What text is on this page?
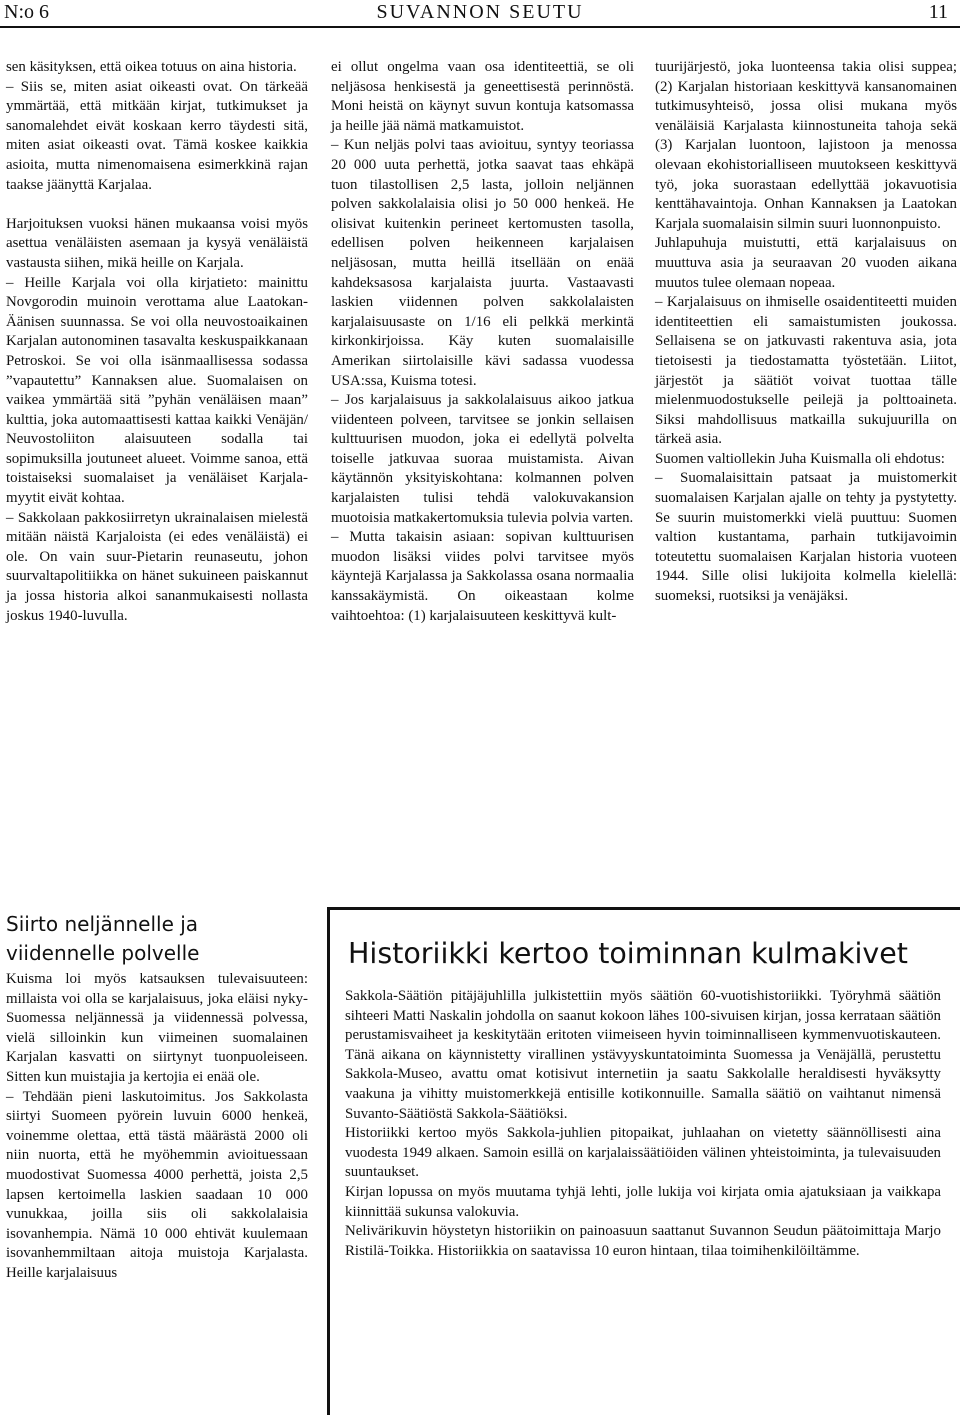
N:o 6	SUVANNON SEUTU	11

sen käsityksen, että oikea totuus on aina historia.

– Siis se, miten asiat oikeasti ovat. On tärkeää ymmärtää, että mitkään kirjat, tutkimukset ja sanomalehdet eivät koskaan kerro täydesti sitä, miten asiat oikeasti ovat. Tämä koskee kaikkia asioita, mutta nimenomaisena esimerkkinä rajan taakse jäänyttä Karjalaa.

Harjoituksen vuoksi hänen mukaansa voisi myös asettua venäläisten asemaan ja kysyä venäläistä vastausta siihen, mikä heille on Karjala.

– Heille Karjala voi olla kirjatieto: mainittu Novgorodin muinoin verottama alue Laatokan-Äänisen suunnassa. Se voi olla neuvostoaikainen Karjalan autonominen tasavalta keskuspaikkanaan Petroskoi. Se voi olla isänmaallisessa sodassa ”vapautettu” Kannaksen alue. Suomalaisen on vaikea ymmärtää sitä ”pyhän venäläisen maan” kulttia, joka automaattisesti kattaa kaikki Venäjän/ Neuvostoliiton alaisuuteen sodalla tai sopimuksilla joutuneet alueet. Voimme sanoa, että toistaiseksi suomalaiset ja venäläiset Karjala-myytit eivät kohtaa.

– Sakkolaan pakkosiirretyn ukrainalaisen mielestä mitään näistä Karjaloista (ei edes venäläistä) ei ole. On vain suur-Pietarin reunaseutu, johon suurvaltapolitiikka on hänet sukuineen paiskannut ja jossa historia alkoi sananmukaisesti nollasta joskus 1940-luvulla.

ei ollut ongelma vaan osa identiteettiä, se oli neljäsosa henkisestä ja geneettisestä perinnöstä. Moni heistä on käynyt suvun kontuja katsomassa ja heille jää nämä matkamuistot.

– Kun neljäs polvi taas avioituu, syntyy teoriassa 20 000 uuta perhettä, jotka saavat taas ehkäpä tuon tilastollisen 2,5 lasta, jolloin neljännen polven sakkolalaisia olisi jo 50 000 henkeä. He olisivat kuitenkin perineet kertomusten tasolla, edellisen polven heikenneen karjalaisen neljäsosan, mutta heillä itsellään on enää kahdeksasosa karjalaista juurta. Vastaavasti laskien viidennen polven sakkolalaisten karjalaisuusaste on 1/16 eli pelkkä merkintä kirkonkirjoissa. Käy kuten suomalaisille Amerikan siirtolaisille kävi sadassa vuodessa USA:ssa, Kuisma totesi.

– Jos karjalaisuus ja sakkolalaisuus aikoo jatkua viidenteen polveen, tarvitsee se jonkin sellaisen kulttuurisen muodon, joka ei edellytä polvelta toiselle jatkuvaa suoraa muistamista. Aivan käytännön yksityiskohtana: kolmannen polven karjalaisten tulisi tehdä valokuvakansion muotoisia matkakertomuksia tulevia polvia varten.

– Mutta takaisin asiaan: sopivan kulttuurisen muodon lisäksi viides polvi tarvitsee myös käyntejä Karjalassa ja Sakkolassa osana normaalia kanssakäymistä. On oikeastaan kolme vaihtoehtoa: (1) karjalaisuuteen keskittyvä kult-

tuurijärjestö, joka luonteensa takia olisi suppea; (2) Karjalan historiaan keskittyvä kansanomainen tutkimusyhteisö, jossa olisi mukana myös venäläisiä Karjalasta kiinnostuneita tahoja sekä (3) Karjalan luontoon, lajistoon ja menossa olevaan ekohistorialliseen muutokseen keskittyvä työ, joka suorastaan edellyttää jokavuotisia kenttähavaintoja. Onhan Kannaksen ja Laatokan Karjala suomalaisin silmin suuri luonnonpuisto.

Juhlapuhuja muistutti, että karjalaisuus on muuttuva asia ja seuraavan 20 vuoden aikana muutos tulee olemaan nopeaa.

– Karjalaisuus on ihmiselle osaidentiteetti muiden identiteettien eli samaistumisten joukossa. Sellaisena se on jatkuvasti rakentuva asia, jota tietoisesti ja tiedostamatta työstetään. Liitot, järjestöt ja säätiöt voivat tuottaa tälle mielenmuodostukselle peilejä ja polttoaineta. Siksi mahdollisuus matkailla sukujuurilla on tärkeä asia.

Suomen valtiollekin Juha Kuismalla oli ehdotus:

– Suomalaisittain patsaat ja muistomerkit suomalaisen Karjalan ajalle on tehty ja pystytetty. Se suurin muistomerkki vielä puuttuu: Suomen valtion kustantama, parhain tutkijavoimin toteutettu suomalaisen Karjalan historia vuoteen 1944. Sille olisi lukijoita kolmella kielellä: suomeksi, ruotsiksi ja venäjäksi.

Siirto neljännelle ja viidennelle polvelle

Kuisma loi myös katsauksen tulevaisuuteen: millaista voi olla se karjalaisuus, joka eläisi nyky-Suomessa neljännessä ja viidennessä polvessa, vielä silloinkin kun viimeinen suomalainen Karjalan kasvatti on siirtynyt tuonpuoleiseen. Sitten kun muistajia ja kertojia ei enää ole.

– Tehdään pieni laskutoimitus. Jos Sakkolasta siirtyi Suomeen pyörein luvuin 6000 henkeä, voinemme olettaa, että tästä määrästä 2000 oli niin nuorta, että he myöhemmin avioituessaan muodostivat Suomessa 4000 perhettä, joista 2,5 lapsen kertoimella laskien saadaan 10 000 vunukkaa, joilla siis oli sakkolalaisia isovanhempia. Nämä 10 000 ehtivät kuulemaan isovanhemmiltaan aitoja muistoja Karjalasta. Heille karjalaisuus

Historiikki kertoo toiminnan kulmakivet

Sakkola-Säätiön pitäjäjuhlilla julkistettiin myös säätiön 60-vuotishistoriikki. Työryhmä säätiön sihteeri Matti Naskalin johdolla on saanut kokoon lähes 100-sivuisen kirjan, jossa kerrataan säätiön perustamisvaiheet ja keskitytään eritoten viimeiseen hyvin toiminnalliseen kymmenvuotiskauteen. Tänä aikana on käynnistetty virallinen ystävyyskuntatoiminta Suomessa ja Venäjällä, perustettu Sakkola-Museo, avattu omat kotisivut internetiin ja saatu Sakkolalle heraldisesti hyväksytty vaakuna ja vihitty muistomerkkejä entisille kotikonnuille. Samalla säätiö on vaihtanut nimensä Suvanto-Säätiöstä Sakkola-Säätiöksi.

Historiikki kertoo myös Sakkola-juhlien pitopaikat, juhlaahan on vietetty säännöllisesti aina vuodesta 1949 alkaen. Samoin esillä on karjalaissäätiöiden välinen yhteistoiminta, ja tulevaisuuden suuntaukset.

Kirjan lopussa on myös muutama tyhjä lehti, jolle lukija voi kirjata omia ajatuksiaan ja vaikkapa kiinnittää sukunsa valokuvia.

Nelivärikuvin höystetyn historiikin on painoasuun saattanut Suvannon Seudun päätoimittaja Marjo Ristilä-Toikka. Historiikkia on saatavissa 10 euron hintaan, tilaa toimihenkilöiltämme.
